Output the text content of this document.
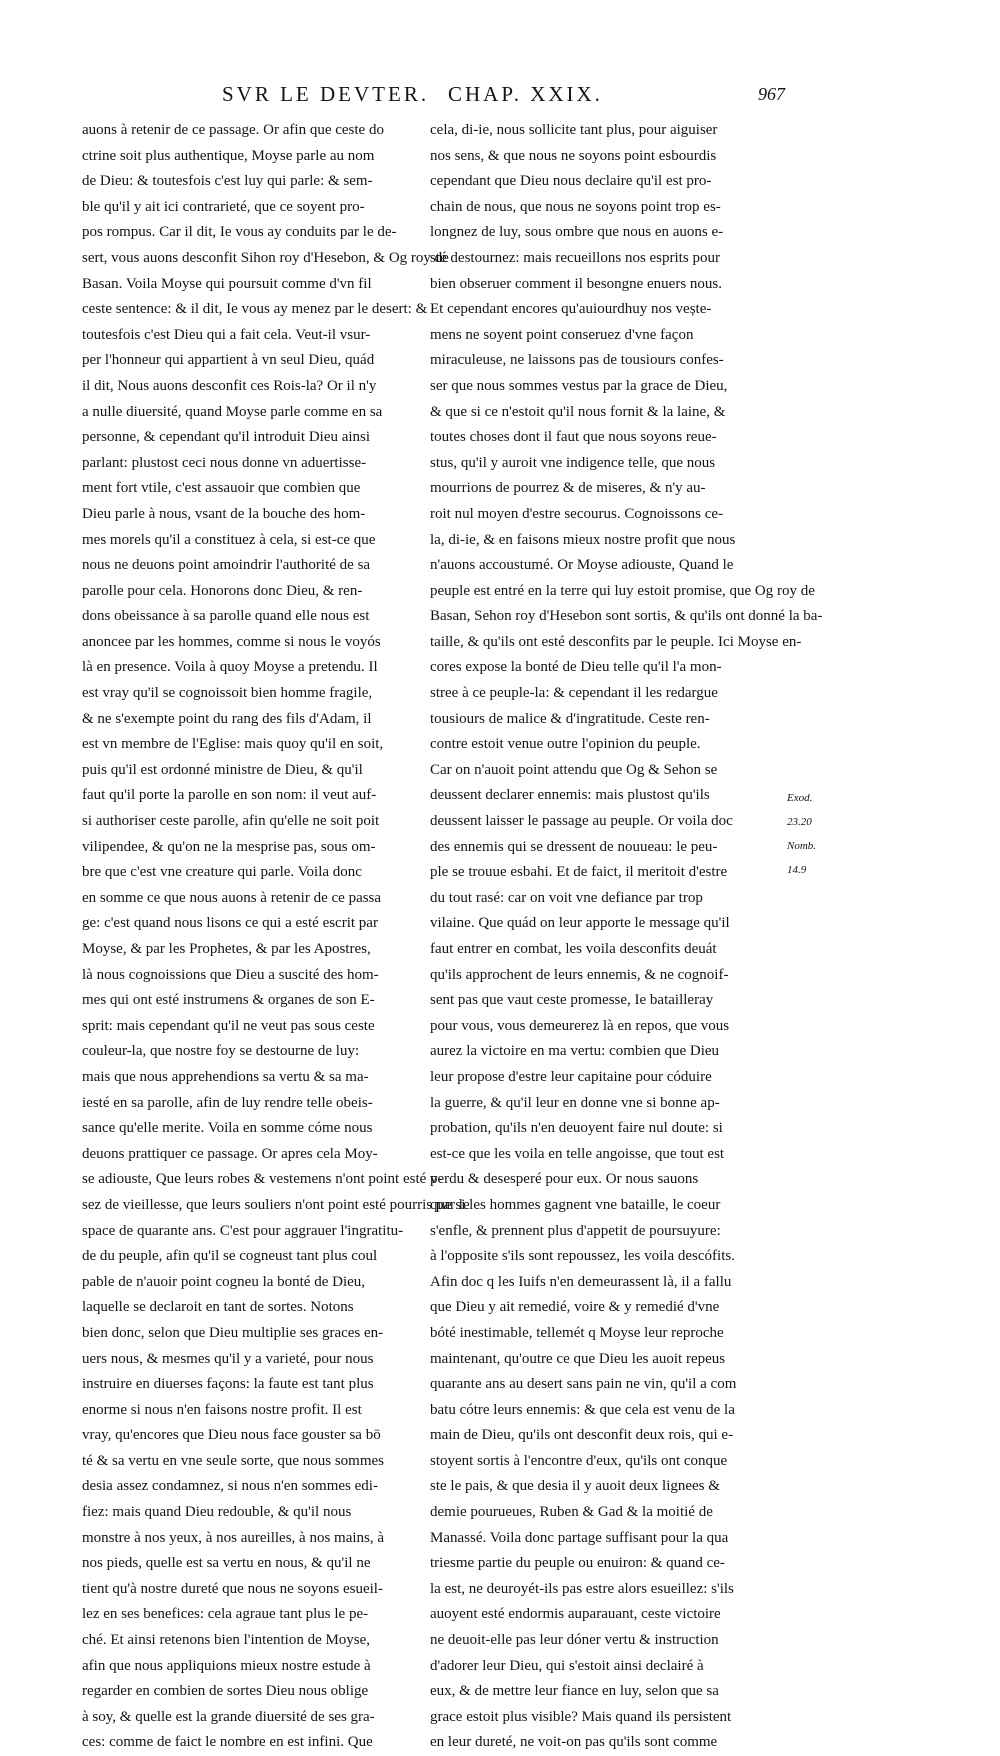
SVR LE DEVTER. CHAP. XXIX.	967
auons à retenir de ce passage. Or afin que ceste do
ctrine soit plus authentique, Moyse parle au nom
de Dieu: & toutesfois c'est luy qui parle: & sem-
ble qu'il y ait ici contrarieté, que ce soyent pro-
pos rompus. Car il dit, Ie vous ay conduits par le de-
sert, vous auons desconfit Sihon roy d'Hesebon, & Og roy de
Basan. Voila Moyse qui poursuit comme d'vn fil
ceste sentence: & il dit, Ie vous ay menez par le desert: &
toutesfois c'est Dieu qui a fait cela. Veut-il vsur-
per l'honneur qui appartient à vn seul Dieu, quád
il dit, Nous auons desconfit ces Rois-la? Or il n'y
a nulle diuersité, quand Moyse parle comme en sa
personne, & cependant qu'il introduit Dieu ainsi
parlant: plustost ceci nous donne vn aduertisse-
ment fort vtile, c'est assauoir que combien que
Dieu parle à nous, vsant de la bouche des hom-
mes morels qu'il a constituez à cela, si est-ce que
nous ne deuons point amoindrir l'authorité de sa
parolle pour cela. Honorons donc Dieu, & ren-
dons obeissance à sa parolle quand elle nous est
anoncee par les hommes, comme si nous le voyós
là en presence. Voila à quoy Moyse a pretendu. Il
est vray qu'il se cognoissoit bien homme fragile,
& ne s'exempte point du rang des fils d'Adam, il
est vn membre de l'Eglise: mais quoy qu'il en soit,
puis qu'il est ordonné ministre de Dieu, & qu'il
faut qu'il porte la parolle en son nom: il veut auf-
si authoriser ceste parolle, afin qu'elle ne soit poit
vilipendee, & qu'on ne la mesprise pas, sous om-
bre que c'est vne creature qui parle. Voila donc
en somme ce que nous auons à retenir de ce passa
ge: c'est quand nous lisons ce qui a esté escrit par
Moyse, & par les Prophetes, & par les Apostres,
là nous cognoissions que Dieu a suscité des hom-
mes qui ont esté instrumens & organes de son E-
sprit: mais cependant qu'il ne veut pas sous ceste
couleur-la, que nostre foy se destourne de luy:
mais que nous apprehendions sa vertu & sa ma-
iesté en sa parolle, afin de luy rendre telle obeis-
sance qu'elle merite. Voila en somme cóme nous
deuons prattiquer ce passage. Or apres cela Moy-
se adiouste, Que leurs robes & vestemens n'ont point esté v-
sez de vieillesse, que leurs souliers n'ont point esté pourris par le
space de quarante ans. C'est pour aggrauer l'ingratitu-
de du peuple, afin qu'il se cogneust tant plus coul
pable de n'auoir point cogneu la bonté de Dieu,
laquelle se declaroit en tant de sortes. Notons
bien donc, selon que Dieu multiplie ses graces en-
uers nous, & mesmes qu'il y a varieté, pour nous
instruire en diuerses façons: la faute est tant plus
enorme si nous n'en faisons nostre profit. Il est
vray, qu'encores que Dieu nous face gouster sa bō
té & sa vertu en vne seule sorte, que nous sommes
desia assez condamnez, si nous n'en sommes edi-
fiez: mais quand Dieu redouble, & qu'il nous
monstre à nos yeux, à nos aureilles, à nos mains, à
nos pieds, quelle est sa vertu en nous, & qu'il ne
tient qu'à nostre dureté que nous ne soyons esueil-
lez en ses benefices: cela agraue tant plus le pe-
ché. Et ainsi retenons bien l'intention de Moyse,
afin que nous appliquions mieux nostre estude à
regarder en combien de sortes Dieu nous oblige
à soy, & quelle est la grande diuersité de ses gra-
ces: comme de faict le nombre en est infini. Que
cela, di-ie, nous sollicite tant plus, pour aiguiser
nos sens, & que nous ne soyons point esbourdis
cependant que Dieu nous declaire qu'il est pro-
chain de nous, que nous ne soyons point trop es-
longnez de luy, sous ombre que nous en auons e-
sté destournez: mais recueillons nos esprits pour
bien obseruer comment il besongne enuers nous.
Et cependant encores qu'auiourdhuy nos vește-
mens ne soyent point conseruez d'vne façon
miraculeuse, ne laissons pas de tousiours confes-
ser que nous sommes vestus par la grace de Dieu,
& que si ce n'estoit qu'il nous fornit & la laine, &
toutes choses dont il faut que nous soyons reue-
stus, qu'il y auroit vne indigence telle, que nous
mourrions de pourrez & de miseres, & n'y au-
roit nul moyen d'estre secourus. Cognoissons ce-
la, di-ie, & en faisons mieux nostre profit que nous
n'auons accoustumé. Or Moyse adiouste, Quand le
peuple est entré en la terre qui luy estoit promise, que Og roy de
Basan, Sehon roy d'Hesebon sont sortis, & qu'ils ont donné la ba-
taille, & qu'ils ont esté desconfits par le peuple. Ici Moyse en-
cores expose la bonté de Dieu telle qu'il l'a mon-
stree à ce peuple-la: & cependant il les redargue
tousiours de malice & d'ingratitude. Ceste ren-
contre estoit venue outre l'opinion du peuple.
Car on n'auoit point attendu que Og & Sehon se
deussent declarer ennemis: mais plustost qu'ils
deussent laisser le passage au peuple. Or voila doc
des ennemis qui se dressent de nouueau: le peu-
ple se trouue esbahi. Et de faict, il meritoit d'estre
du tout rasé: car on voit vne defiance par trop
vilaine. Que quád on leur apporte le message qu'il
faut entrer en combat, les voila desconfits deuát
qu'ils approchent de leurs ennemis, & ne cognoif-
sent pas que vaut ceste promesse, Ie batailleray
pour vous, vous demeurerez là en repos, que vous
aurez la victoire en ma vertu: combien que Dieu
leur propose d'estre leur capitaine pour códuire
la guerre, & qu'il leur en donne vne si bonne ap-
probation, qu'ils n'en deuoyent faire nul doute: si
est-ce que les voila en telle angoisse, que tout est
perdu & desesperé pour eux. Or nous sauons
que si les hommes gagnent vne bataille, le coeur
s'enfle, & prennent plus d'appetit de poursuyure:
à l'opposite s'ils sont repoussez, les voila descófits.
Afin doc q les Iuifs n'en demeurassent là, il a fallu
que Dieu y ait remedié, voire & y remedié d'vne
bóté inestimable, tellemét q Moyse leur reproche
maintenant, qu'outre ce que Dieu les auoit repeus
quarante ans au desert sans pain ne vin, qu'il a com
batu cótre leurs ennemis: & que cela est venu de la
main de Dieu, qu'ils ont desconfit deux rois, qui e-
stoyent sortis à l'encontre d'eux, qu'ils ont conque
ste le pais, & que desia il y auoit deux lignees &
demie pourueues, Ruben & Gad & la moitié de
Manassé. Voila donc partage suffisant pour la qua
triesme partie du peuple ou enuiron: & quand ce-
la est, ne deuroyét-ils pas estre alors esueillez: s'ils
auoyent esté endormis auparauant, ceste victoire
ne deuoit-elle pas leur dóner vertu & instruction
d'adorer leur Dieu, qui s'estoit ainsi declairé à
eux, & de mettre leur fiance en luy, selon que sa
grace estoit plus visible? Mais quand ils persistent
en leur dureté, ne voit-on pas qu'ils sont comme
Exod.
23.20
Nomb.
14.9
